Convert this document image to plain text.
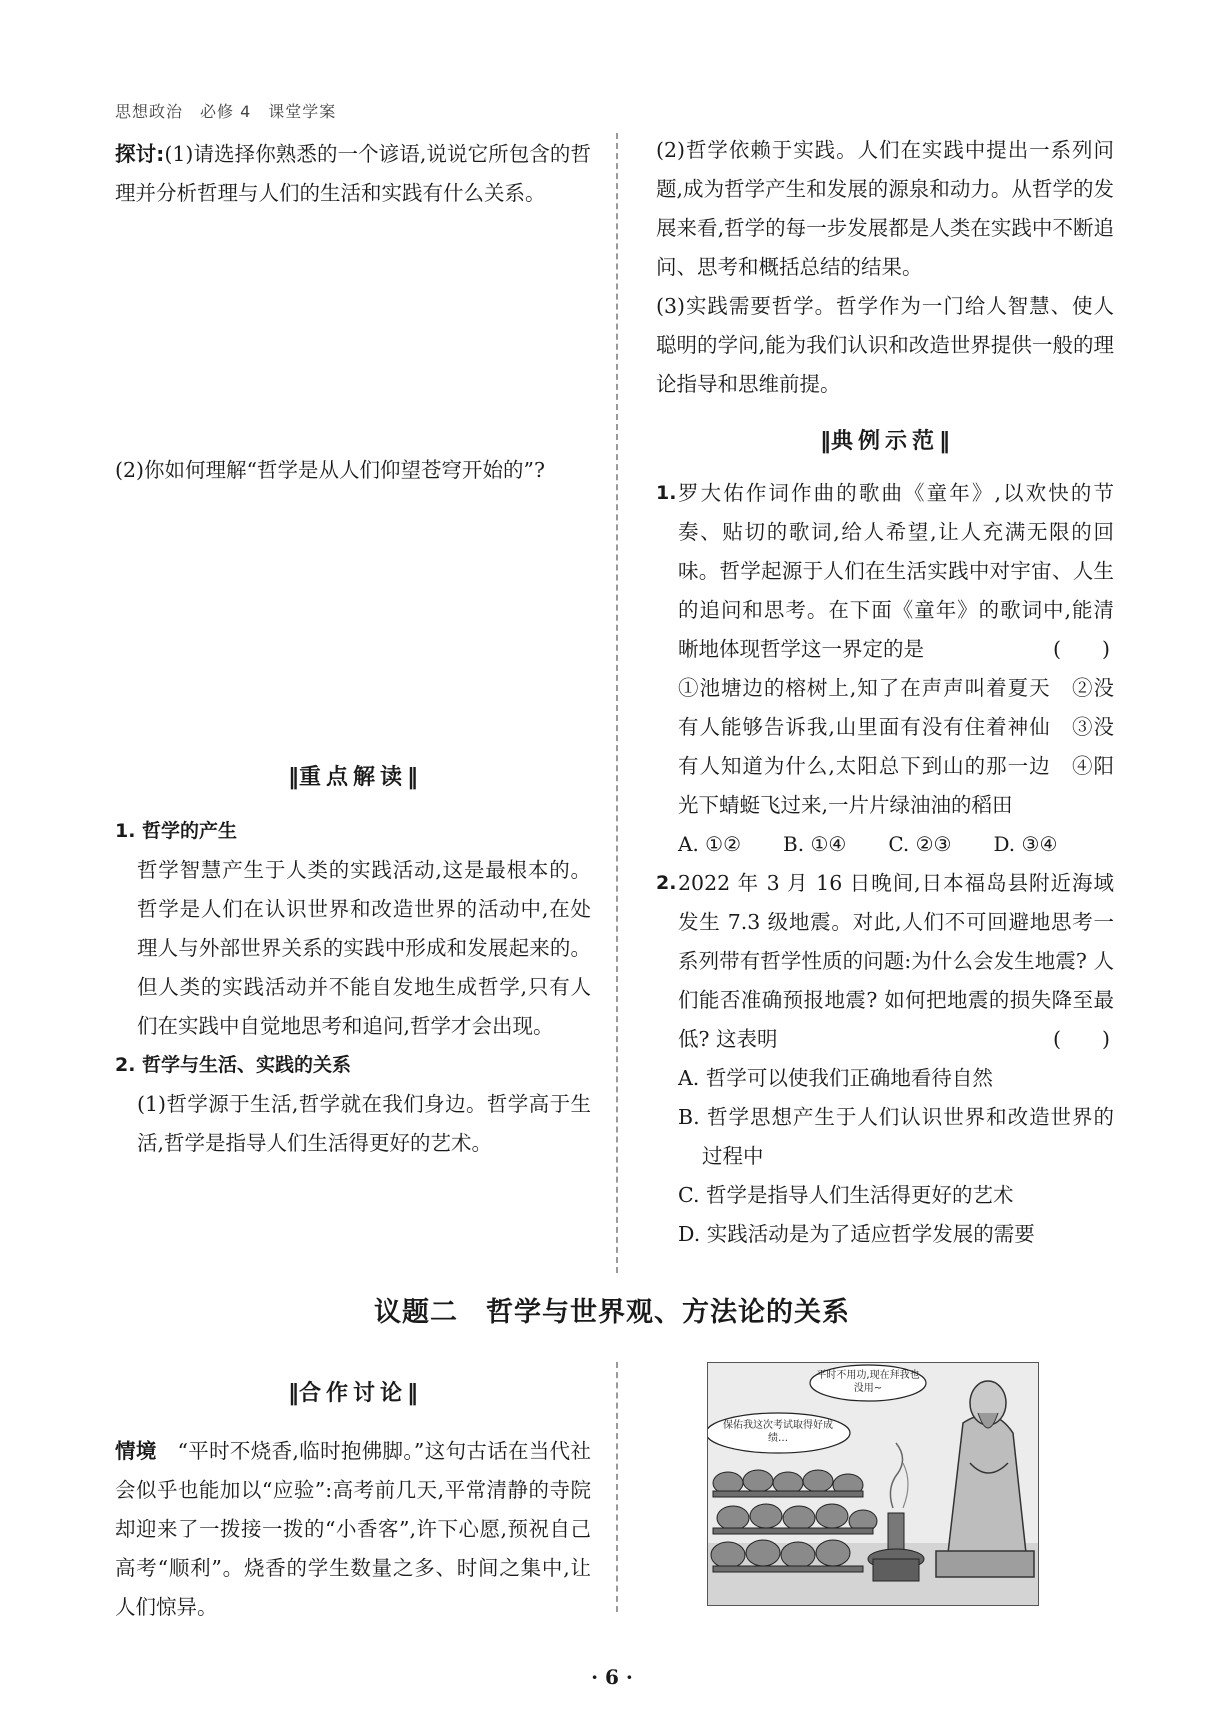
思想政治　必修 4　课堂学案

探讨:(1)请选择你熟悉的一个谚语,说说它所包含的哲理并分析哲理与人们的生活和实践有什么关系。

(2)你如何理解“哲学是从人们仰望苍穹开始的”?

‖重点解读‖
1. 哲学的产生

哲学智慧产生于人类的实践活动,这是最根本的。哲学是人们在认识世界和改造世界的活动中,在处理人与外部世界关系的实践中形成和发展起来的。但人类的实践活动并不能自发地生成哲学,只有人们在实践中自觉地思考和追问,哲学才会出现。

2. 哲学与生活、实践的关系

(1)哲学源于生活,哲学就在我们身边。哲学高于生活,哲学是指导人们生活得更好的艺术。

(2)哲学依赖于实践。人们在实践中提出一系列问题,成为哲学产生和发展的源泉和动力。从哲学的发展来看,哲学的每一步发展都是人类在实践中不断追问、思考和概括总结的结果。

(3)实践需要哲学。哲学作为一门给人智慧、使人聪明的学问,能为我们认识和改造世界提供一般的理论指导和思维前提。

‖典例示范‖
1. 罗大佑作词作曲的歌曲《童年》,以欢快的节奏、贴切的歌词,给人希望,让人充满无限的回味。哲学起源于人们在生活实践中对宇宙、人生的追问和思考。在下面《童年》的歌词中,能清晰地体现哲学这一界定的是	(　　)

①池塘边的榕树上,知了在声声叫着夏天　②没有人能够告诉我,山里面有没有住着神仙　③没有人知道为什么,太阳总下到山的那一边　④阳光下蜻蜓飞过来,一片片绿油油的稻田

A. ①② B. ①④ C. ②③ D. ③④
2. 2022 年 3 月 16 日晚间,日本福岛县附近海域发生 7.3 级地震。对此,人们不可回避地思考一系列带有哲学性质的问题:为什么会发生地震? 人们能否准确预报地震? 如何把地震的损失降至最低? 这表明	(　　)

A. 哲学可以使我们正确地看待自然

B. 哲学思想产生于人们认识世界和改造世界的过程中

C. 哲学是指导人们生活得更好的艺术

D. 实践活动是为了适应哲学发展的需要

议题二　哲学与世界观、方法论的关系
‖合作讨论‖

情境　 “平时不烧香,临时抱佛脚。”这句古话在当代社会似乎也能加以“应验”:高考前几天,平常清静的寺院却迎来了一拨接一拨的“小香客”,许下心愿,预祝自己高考“顺利”。烧香的学生数量之多、时间之集中,让人们惊异。

平时不用功,现在拜我也没用~
保佑我这次考试取得好成绩…
· 6 ·
